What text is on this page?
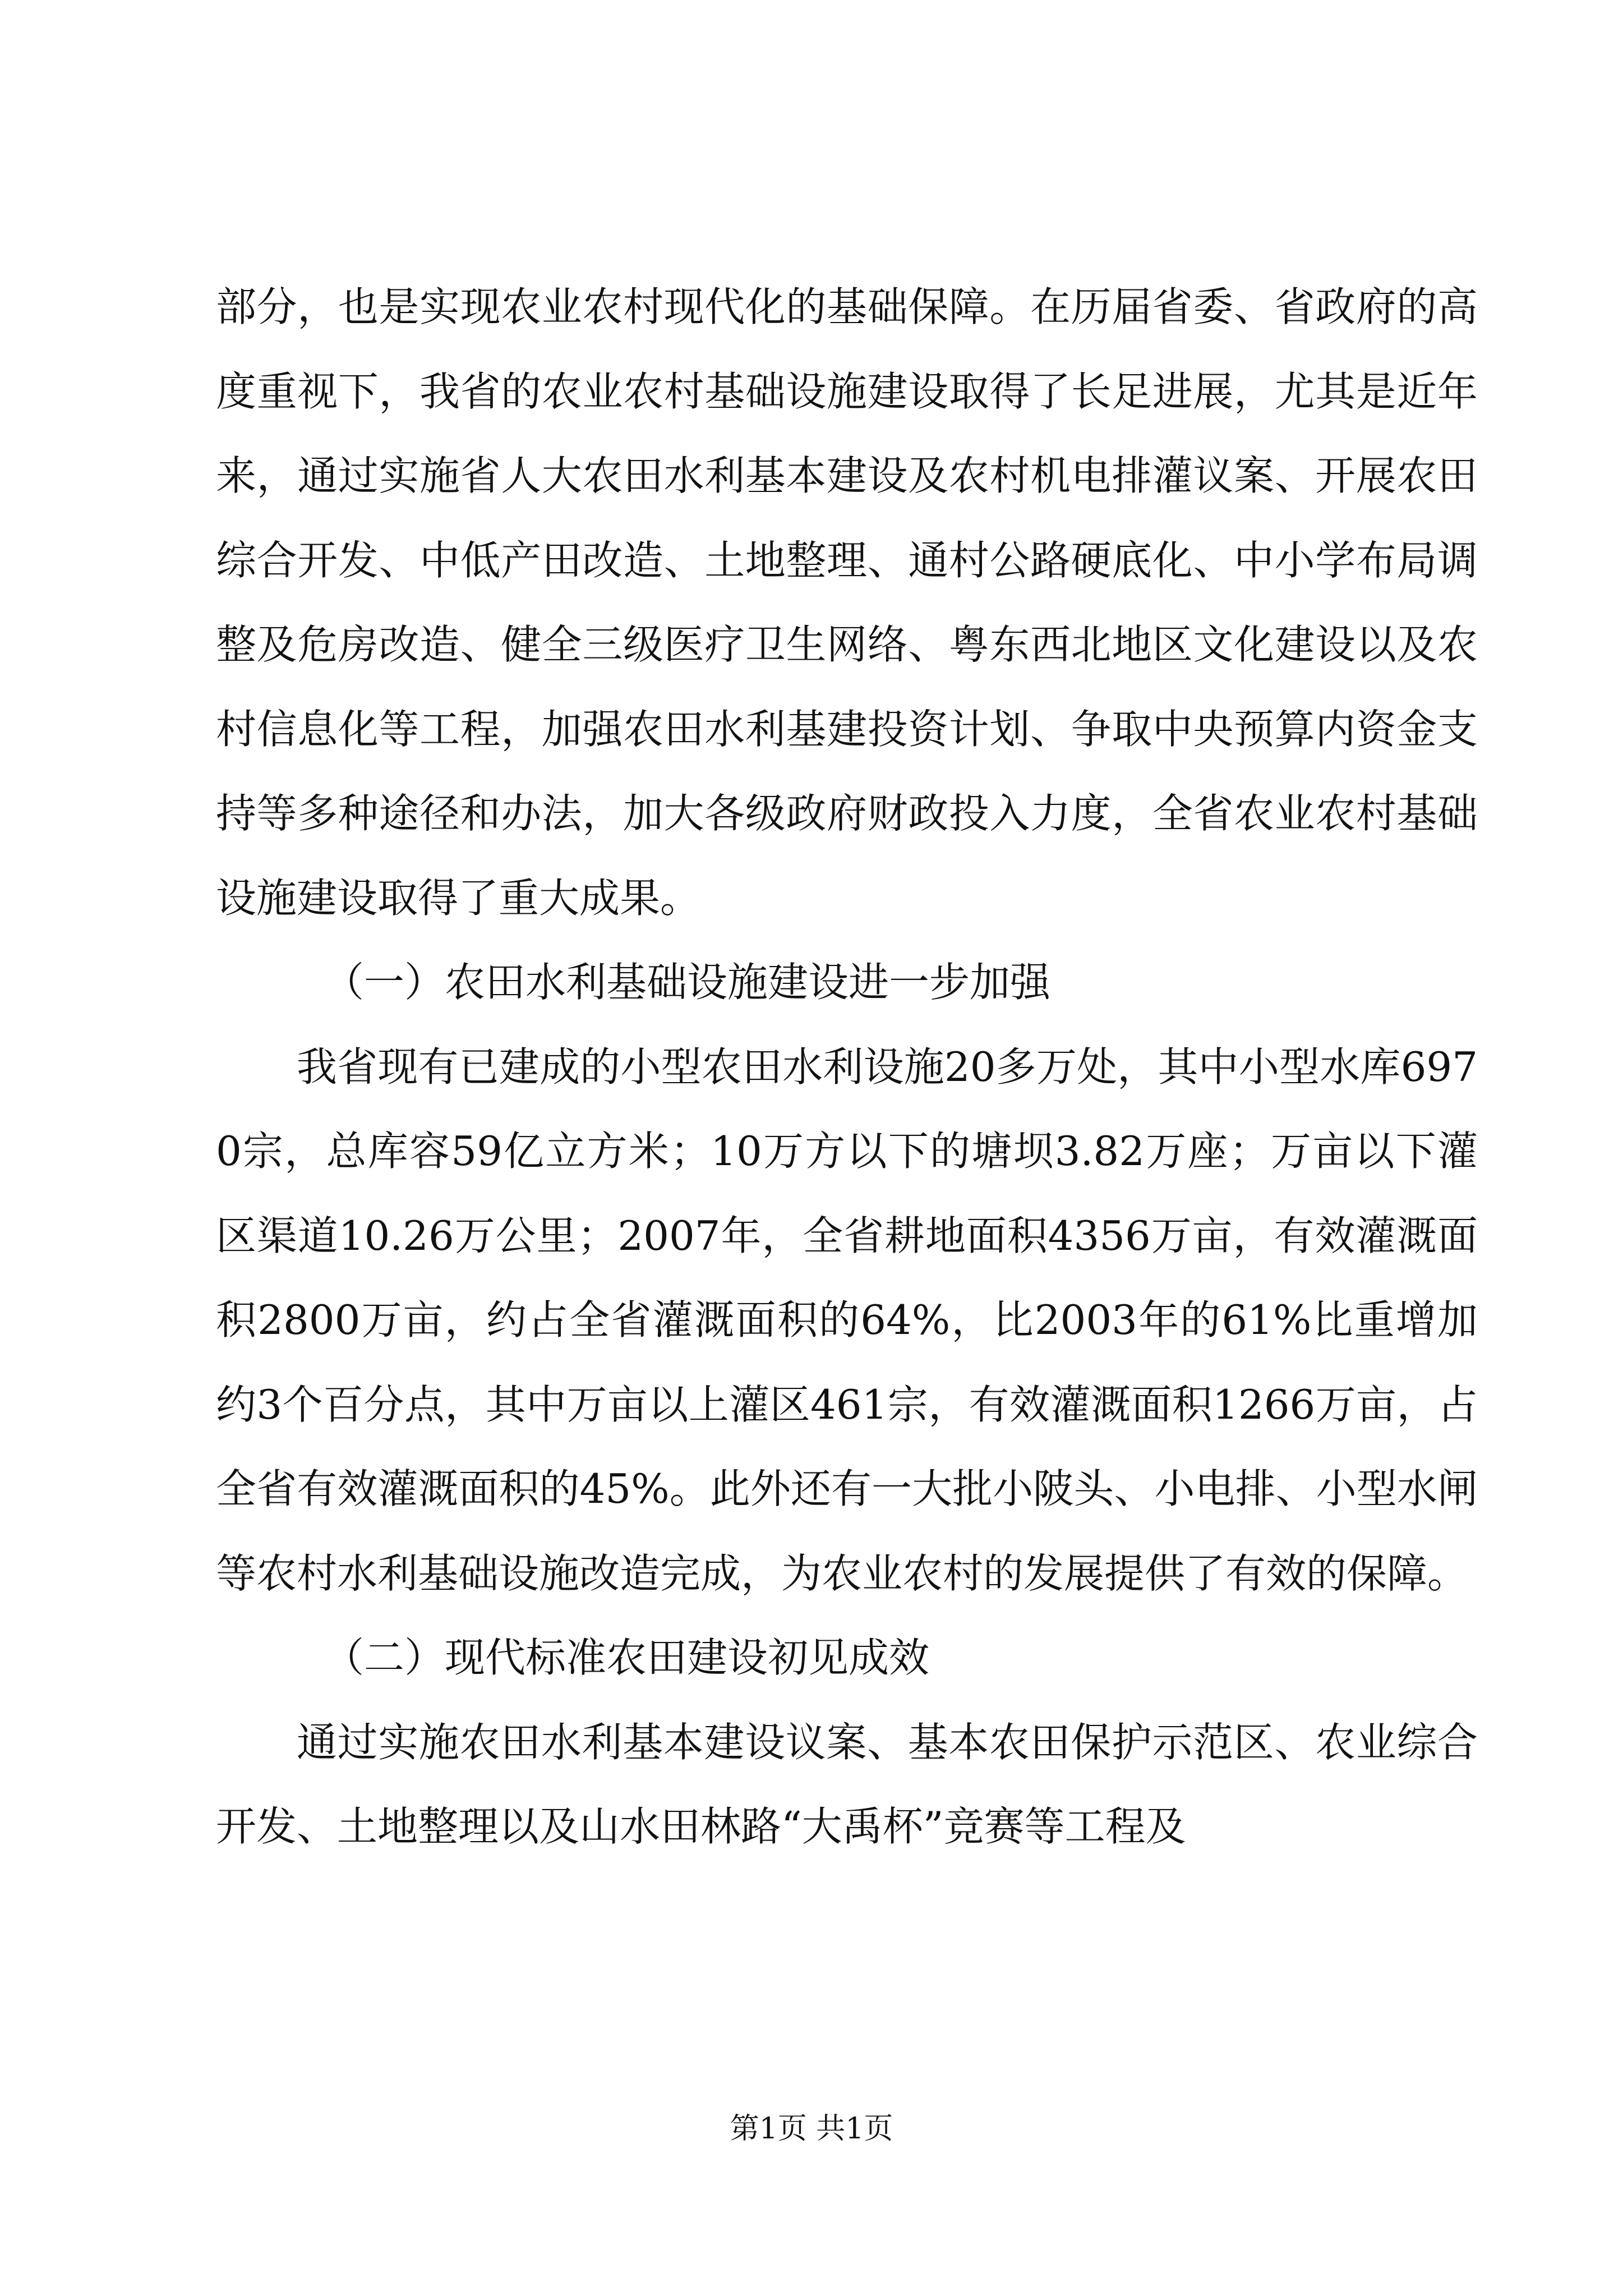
部分，也是实现农业农村现代化的基础保障。在历届省委、省政府的高度重视下，我省的农业农村基础设施建设取得了长足进展，尤其是近年来，通过实施省人大农田水利基本建设及农村机电排灌议案、开展农田综合开发、中低产田改造、土地整理、通村公路硬底化、中小学布局调整及危房改造、健全三级医疗卫生网络、粤东西北地区文化建设以及农村信息化等工程，加强农田水利基建投资计划、争取中央预算内资金支持等多种途径和办法，加大各级政府财政投入力度，全省农业农村基础设施建设取得了重大成果。

（一）农田水利基础设施建设进一步加强

我省现有已建成的小型农田水利设施20多万处，其中小型水库6970宗，总库容59亿立方米；10万方以下的塘坝3.82万座；万亩以下灌区渠道10.26万公里；2007年，全省耕地面积4356万亩，有效灌溉面积2800万亩，约占全省灌溉面积的64%，比2003年的61%比重增加约3个百分点，其中万亩以上灌区461宗，有效灌溉面积1266万亩，占全省有效灌溉面积的45%。此外还有一大批小陂头、小电排、小型水闸等农村水利基础设施改造完成，为农业农村的发展提供了有效的保障。

（二）现代标准农田建设初见成效

通过实施农田水利基本建设议案、基本农田保护示范区、农业综合开发、土地整理以及山水田林路“大禹杯”竞赛等工程及

第1页 共1页
